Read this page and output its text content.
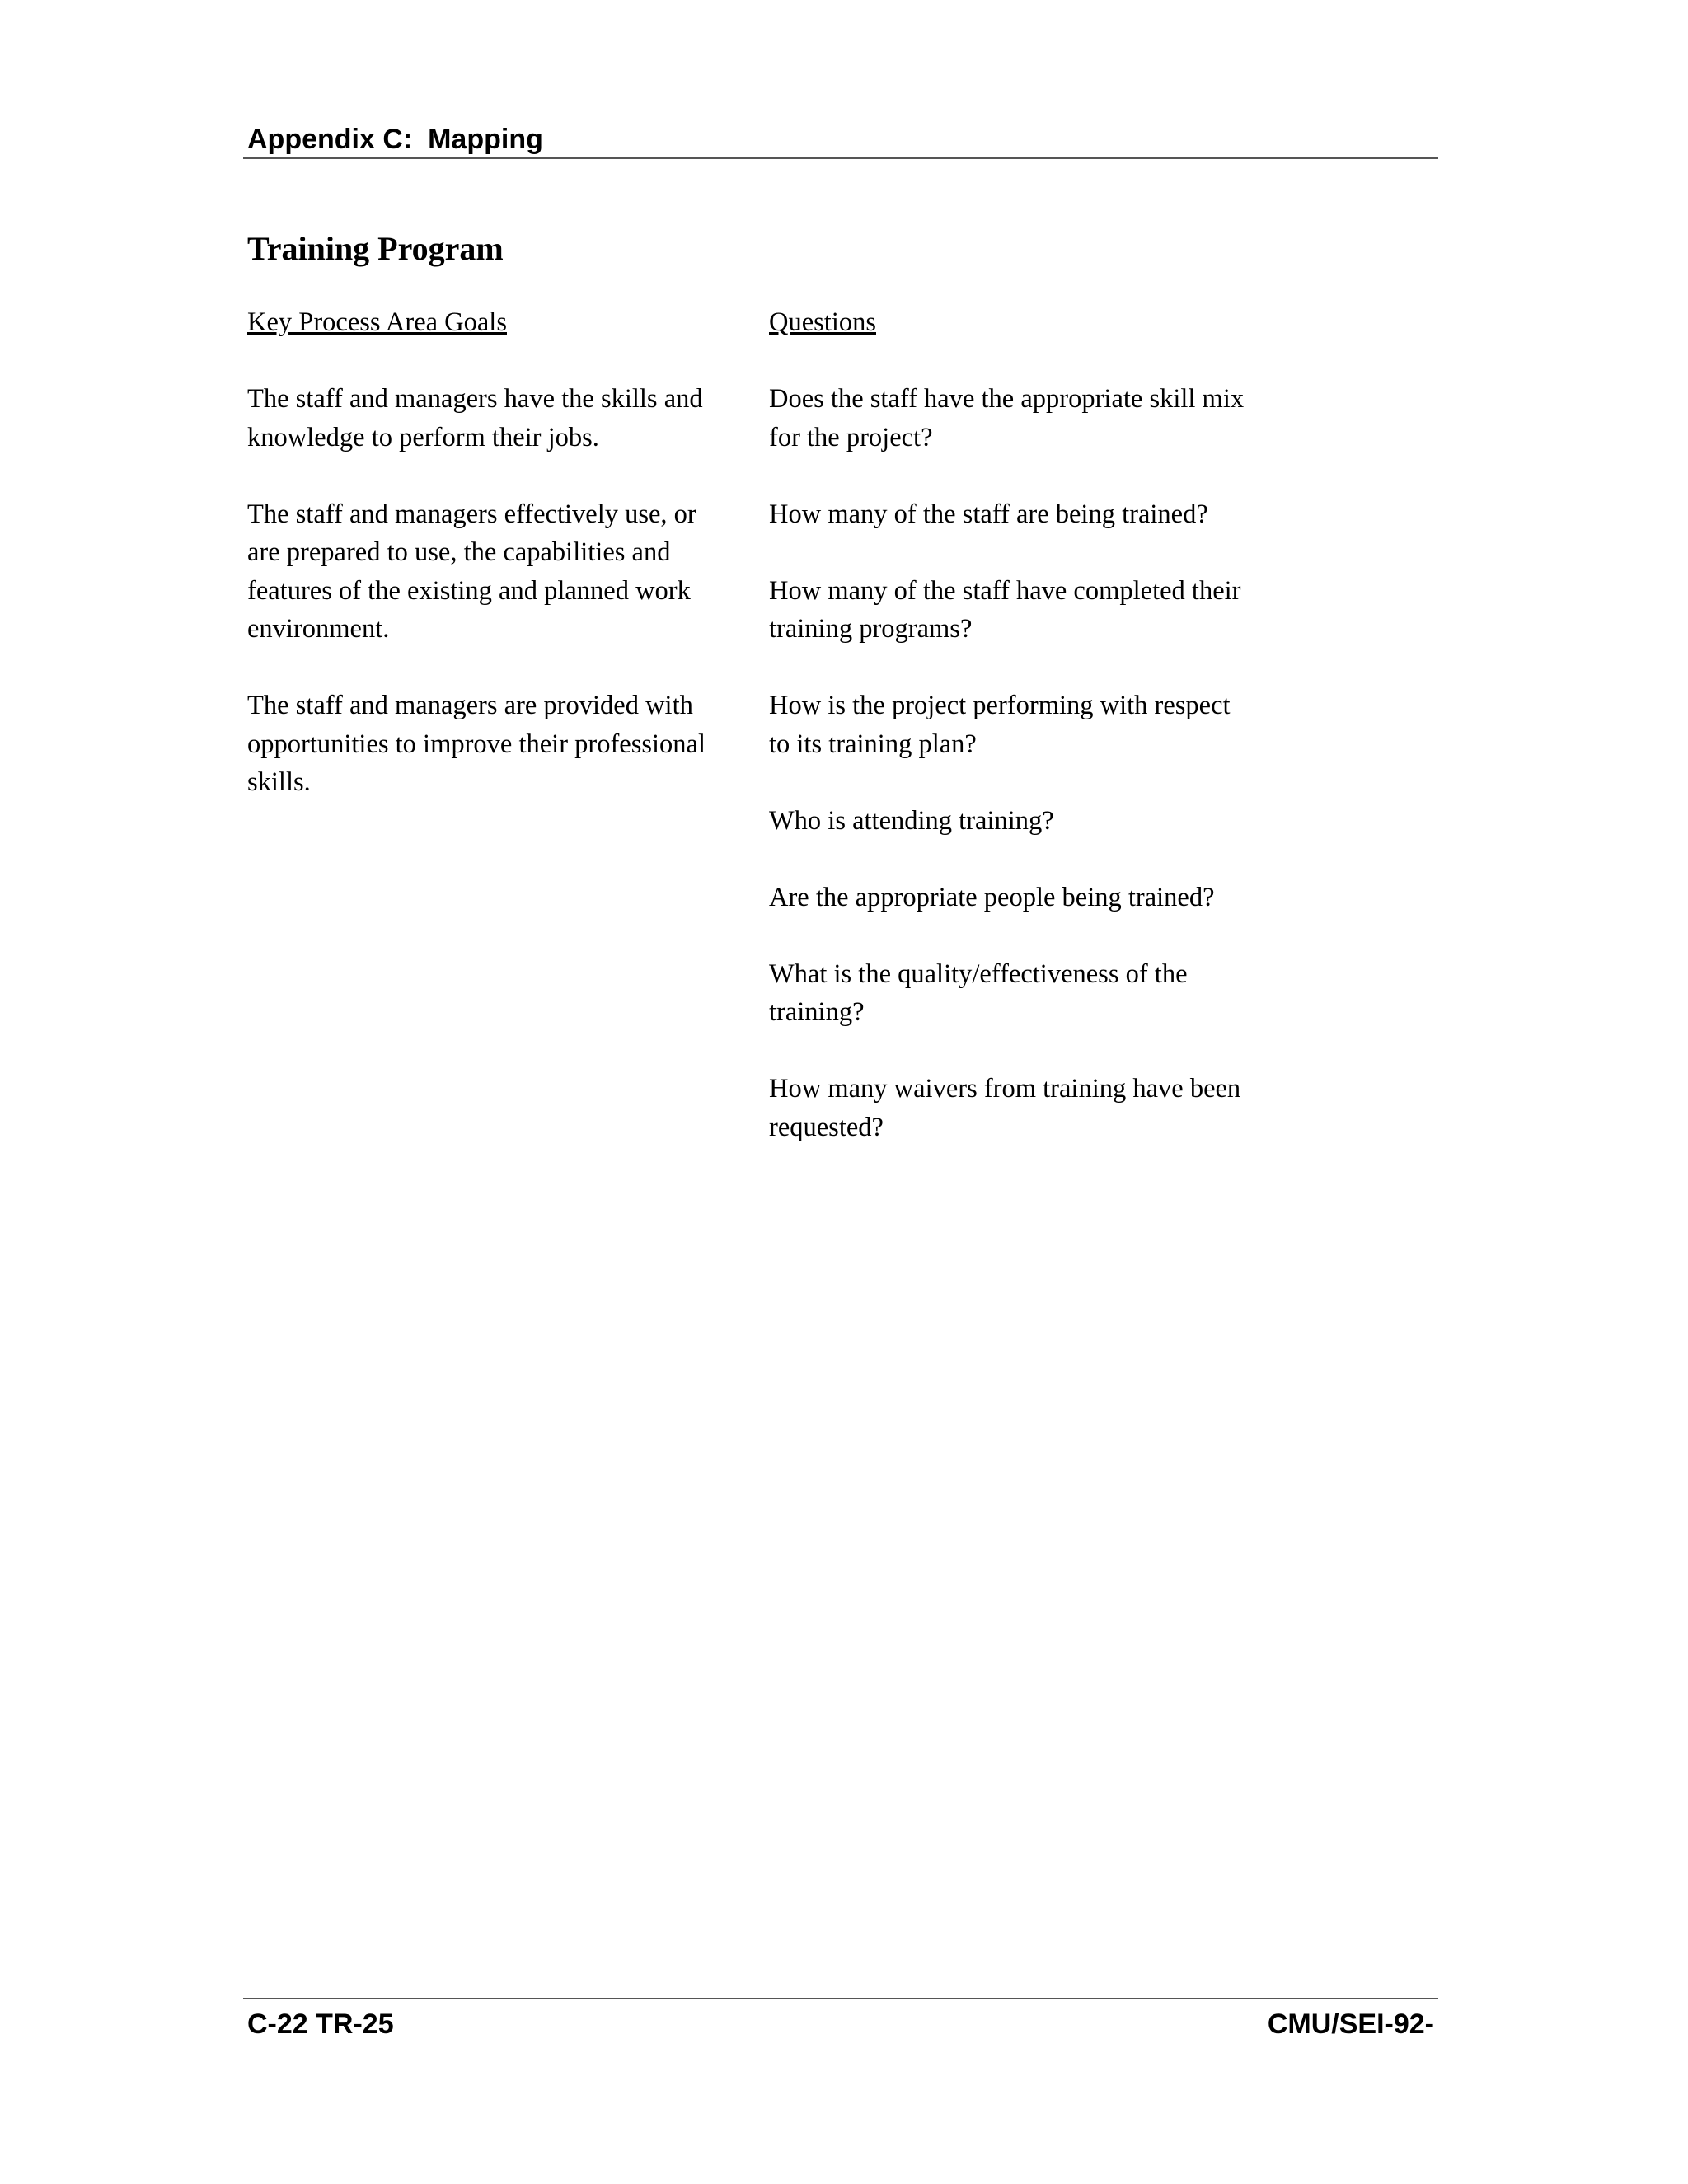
Appendix C:  Mapping
Training Program
Key Process Area Goals
The staff and managers have the skills and knowledge to perform their jobs.
The staff and managers effectively use, or are prepared to use, the capabilities and features of the existing and planned work environment.
The staff and managers are provided with opportunities to improve their professional skills.
Questions
Does the staff have the appropriate skill mix for the project?
How many of the staff are being trained?
How many of the staff have completed their training programs?
How is the project performing with respect to its training plan?
Who is attending training?
Are the appropriate people being trained?
What is the quality/effectiveness of the training?
How many waivers from training have been requested?
C-22 TR-25	CMU/SEI-92-
